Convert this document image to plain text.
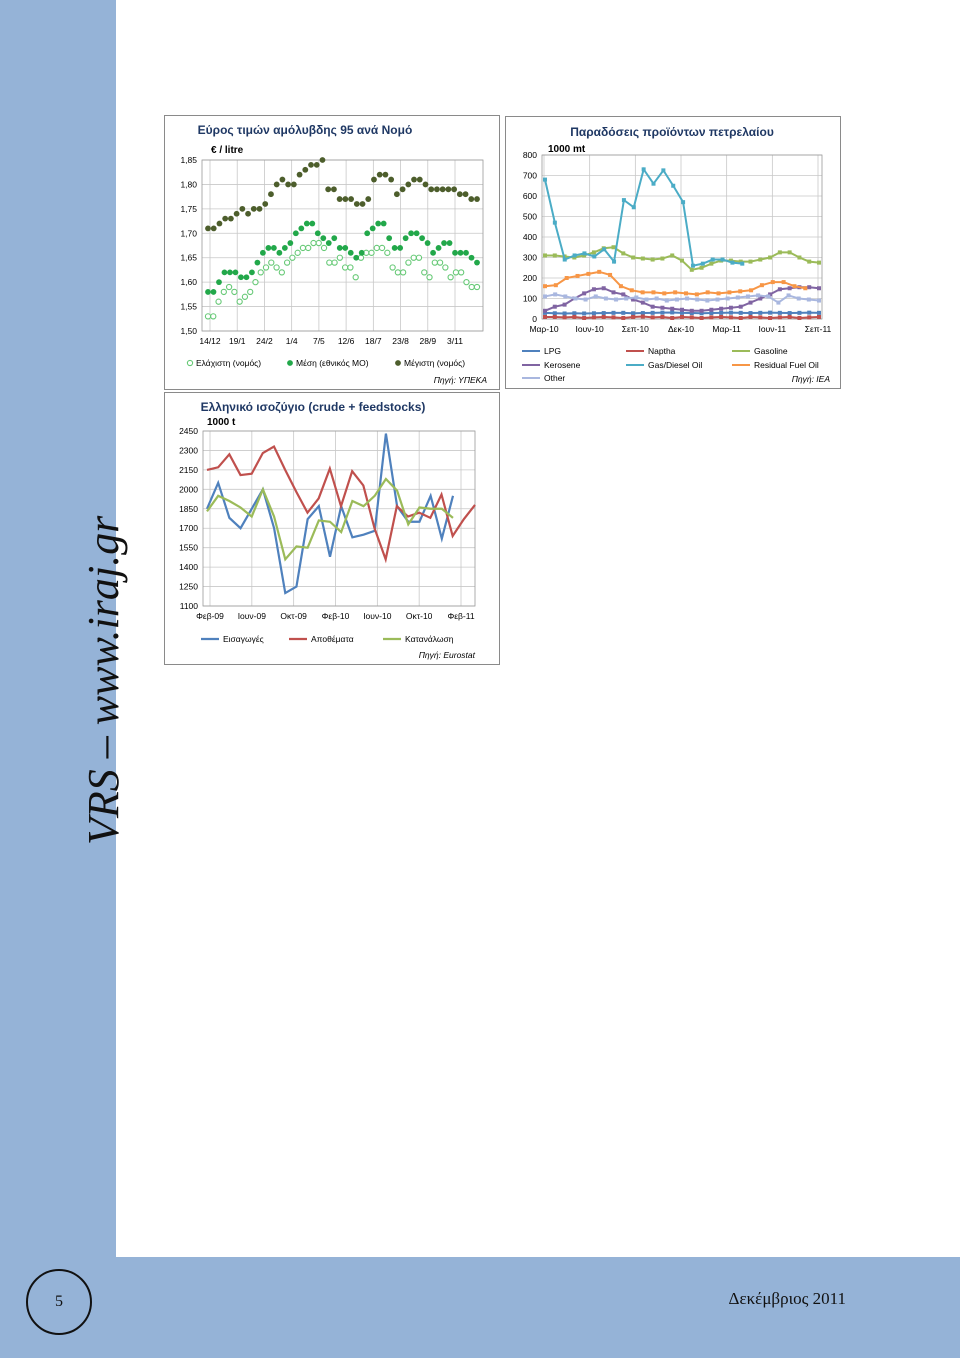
VRS – www.iraj.gr
5	Δεκέμβριος 2011
Εύρος τιμών αμόλυβδης 95 ανά Νομό
€ / litre
1,85
1,80
1,75
1,70
1,65
1,60
1,55
1,50
14/12 19/1 24/2 1/4 7/5 12/6 18/7 23/8 28/9 3/11
Ελάχιστη (νομός)	Μέση (εθνικός ΜΟ)	Μέγιστη (νομός)
Πηγή: ΥΠΕΚΑ
Παραδόσεις προϊόντων πετρελαίου
1000 mt
800
700
600
500
400
300
200
100
0
Μαρ-10 Ιουν-10 Σεπ-10 Δεκ-10 Μαρ-11 Ιουν-11 Σεπ-11
LPG	Naptha	Gasoline
Kerosene	Gas/Diesel Oil	Residual Fuel Oil
Other	Πηγή: IEA
Ελληνικό ισοζύγιο (crude + feedstocks)
1000 t
2450
2300
2150
2000
1850
1700
1550
1400
1250
1100
Φεβ-09 Ιουν-09 Οκτ-09 Φεβ-10 Ιουν-10 Οκτ-10 Φεβ-11
Εισαγωγές	Αποθέματα	Κατανάλωση
Πηγή: Eurostat
